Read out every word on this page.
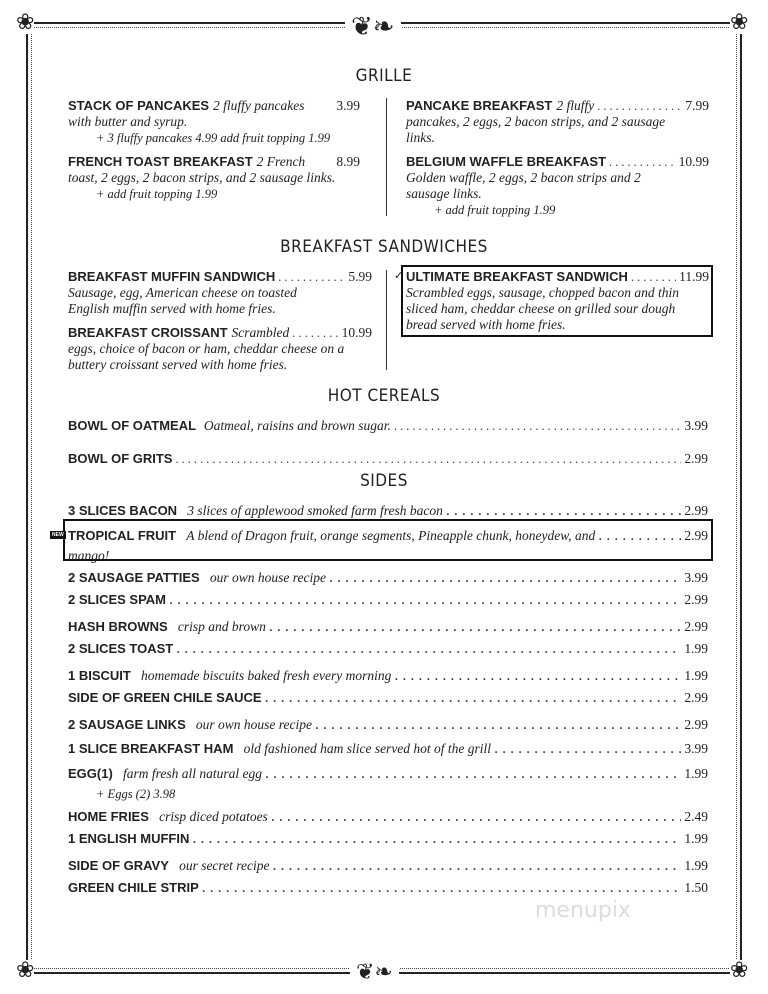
❦❧
❀	❀
❀	❀
❦❧
GRILLE
STACK OF PANCAKES
2 fluffy pancakes 3.99
with butter and syrup.
+ 3 fluffy pancakes 4.99 add fruit topping 1.99
FRENCH TOAST BREAKFAST
2 French 8.99
toast, 2 eggs, 2 bacon strips, and 2 sausage links.
+ add fruit topping 1.99
PANCAKE BREAKFAST
2 fluffy . . .	7.99
pancakes, 2 eggs, 2 bacon strips, and 2 sausage links.
BELGIUM WAFFLE BREAKFAST . . .	10.99
Golden waffle, 2 eggs, 2 bacon strips and 2 sausage links.
+ add fruit topping 1.99
BREAKFAST SANDWICHES
BREAKFAST MUFFIN SANDWICH . . .	5.99
Sausage, egg, American cheese on toasted English muffin served with home fries.
BREAKFAST CROISSANT
Scrambled . . .	10.99
eggs, choice of bacon or ham, cheddar cheese on a buttery croissant served with home fries.
✓ ULTIMATE BREAKFAST SANDWICH . . .	11.99
Scrambled eggs, sausage, chopped bacon and thin sliced ham, cheddar cheese on grilled sour dough bread served with home fries.
HOT CEREALS
BOWL OF OATMEAL
Oatmeal, raisins and brown sugar. . . .	3.99
BOWL OF GRITS . . .	2.99
SIDES
NEW
3 SLICES BACON
3 slices of applewood smoked farm fresh bacon . . .	2.99
TROPICAL FRUIT
A blend of Dragon fruit, orange segments, Pineapple chunk, honeydew, and . . .	2.99
mango!
2 SAUSAGE PATTIES
our own house recipe . . .	3.99
2 SLICES SPAM . . .	2.99
HASH BROWNS
crisp and brown . . .	2.99
2 SLICES TOAST . . .	1.99
1 BISCUIT
homemade biscuits baked fresh every morning . . .	1.99
SIDE OF GREEN CHILE SAUCE . . .	2.99
2 SAUSAGE LINKS
our own house recipe . . .	2.99
1 SLICE BREAKFAST HAM
old fashioned ham slice served hot of the grill . . .	3.99
EGG(1)
farm fresh all natural egg . . .	1.99
+ Eggs (2) 3.98
HOME FRIES
crisp diced potatoes . . .	2.49
1 ENGLISH MUFFIN . . .	1.99
SIDE OF GRAVY
our secret recipe . . .	1.99
GREEN CHILE STRIP . . .	1.50
menupix
